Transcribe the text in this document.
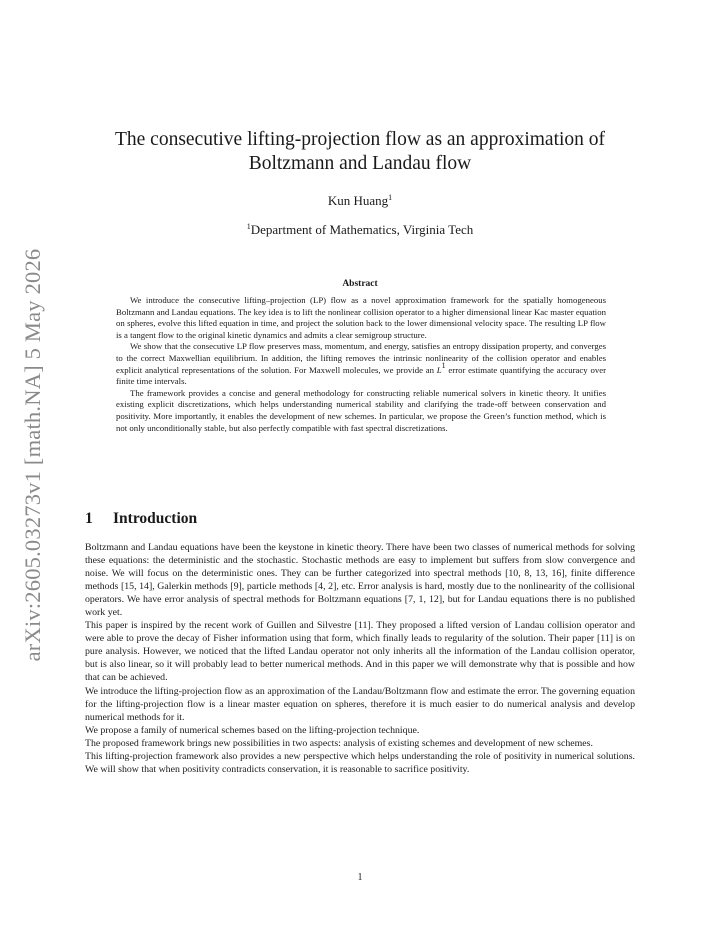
arXiv:2605.03273v1 [math.NA] 5 May 2026
The consecutive lifting-projection flow as an approximation of
Boltzmann and Landau flow
Kun Huang$^1$
$^1$Department of Mathematics, Virginia Tech
Abstract

We introduce the consecutive lifting–projection (LP) flow as a novel approximation framework for the spatially homogeneous Boltzmann and Landau equations. The key idea is to lift the nonlinear collision operator to a higher dimensional linear Kac master equation on spheres, evolve this lifted equation in time, and project the solution back to the lower dimensional velocity space. The resulting LP flow is a tangent flow to the original kinetic dynamics and admits a clear semigroup structure.

We show that the consecutive LP flow preserves mass, momentum, and energy, satisfies an entropy dissipation property, and converges to the correct Maxwellian equilibrium. In addition, the lifting removes the intrinsic nonlinearity of the collision operator and enables explicit analytical representations of the solution. For Maxwell molecules, we provide an $L^1$ error estimate quantifying the accuracy over finite time intervals.

The framework provides a concise and general methodology for constructing reliable numerical solvers in kinetic theory. It unifies existing explicit discretizations, which helps understanding numerical stability and clarifying the trade-off between conservation and positivity. More importantly, it enables the development of new schemes. In particular, we propose the Green’s function method, which is not only unconditionally stable, but also perfectly compatible with fast spectral discretizations.

1 Introduction

Boltzmann and Landau equations have been the keystone in kinetic theory. There have been two classes of numerical methods for solving these equations: the deterministic and the stochastic. Stochastic methods are easy to implement but suffers from slow convergence and noise. We will focus on the deterministic ones. They can be further categorized into spectral methods [10, 8, 13, 16], finite difference methods [15, 14], Galerkin methods [9], particle methods [4, 2], etc. Error analysis is hard, mostly due to the nonlinearity of the collisional operators. We have error analysis of spectral methods for Boltzmann equations [7, 1, 12], but for Landau equations there is no published work yet.

This paper is inspired by the recent work of Guillen and Silvestre [11]. They proposed a lifted version of Landau collision operator and were able to prove the decay of Fisher information using that form, which finally leads to regularity of the solution. Their paper [11] is on pure analysis. However, we noticed that the lifted Landau operator not only inherits all the information of the Landau collision operator, but is also linear, so it will probably lead to better numerical methods. And in this paper we will demonstrate why that is possible and how that can be achieved.

We introduce the lifting-projection flow as an approximation of the Landau/Boltzmann flow and estimate the error. The governing equation for the lifting-projection flow is a linear master equation on spheres, therefore it is much easier to do numerical analysis and develop numerical methods for it.

We propose a family of numerical schemes based on the lifting-projection technique.

The proposed framework brings new possibilities in two aspects: analysis of existing schemes and development of new schemes.

This lifting-projection framework also provides a new perspective which helps understanding the role of positivity in numerical solutions. We will show that when positivity contradicts conservation, it is reasonable to sacrifice positivity.

1
